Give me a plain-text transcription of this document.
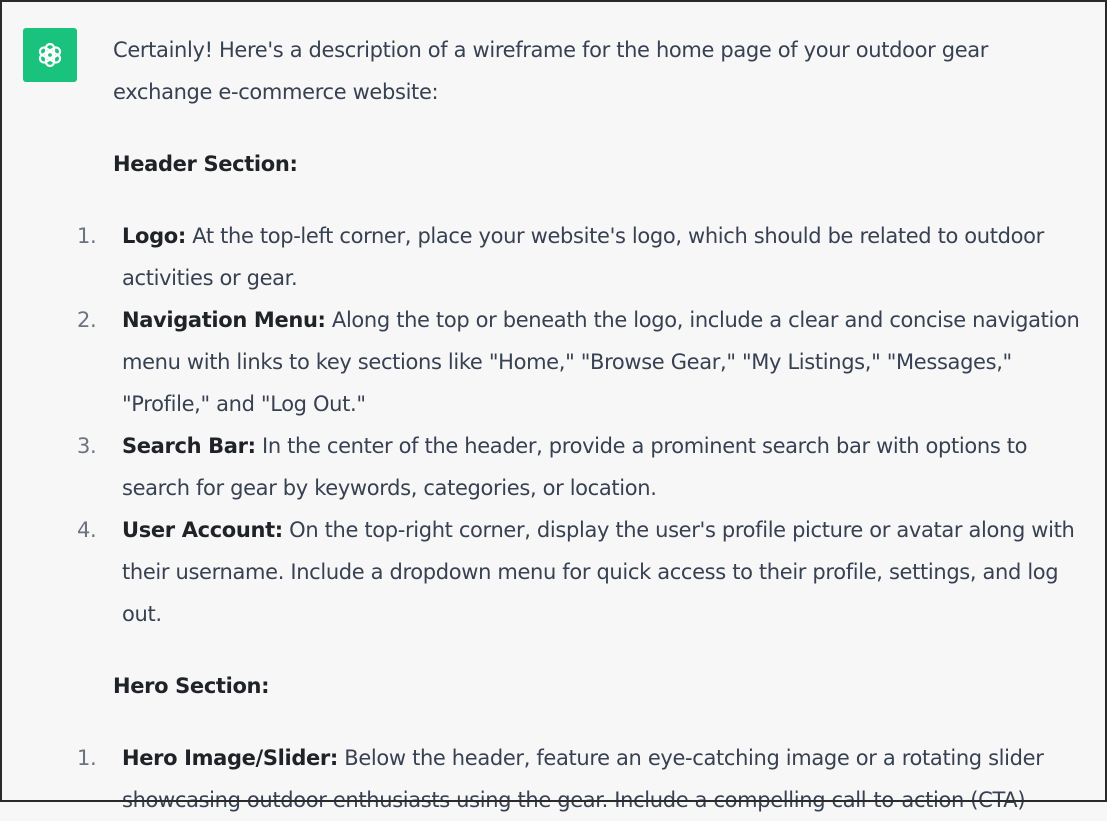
Certainly! Here's a description of a wireframe for the home page of your outdoor gear exchange e-commerce website:

Header Section:

1.	Logo: At the top-left corner, place your website's logo, which should be related to outdoor activities or gear.
2.	Navigation Menu: Along the top or beneath the logo, include a clear and concise navigation menu with links to key sections like "Home," "Browse Gear," "My Listings," "Messages," "Profile," and "Log Out."
3.	Search Bar: In the center of the header, provide a prominent search bar with options to search for gear by keywords, categories, or location.
4.	User Account: On the top-right corner, display the user's profile picture or avatar along with their username. Include a dropdown menu for quick access to their profile, settings, and log out.

Hero Section:

1.	Hero Image/Slider: Below the header, feature an eye-catching image or a rotating slider showcasing outdoor enthusiasts using the gear. Include a compelling call-to-action (CTA)
